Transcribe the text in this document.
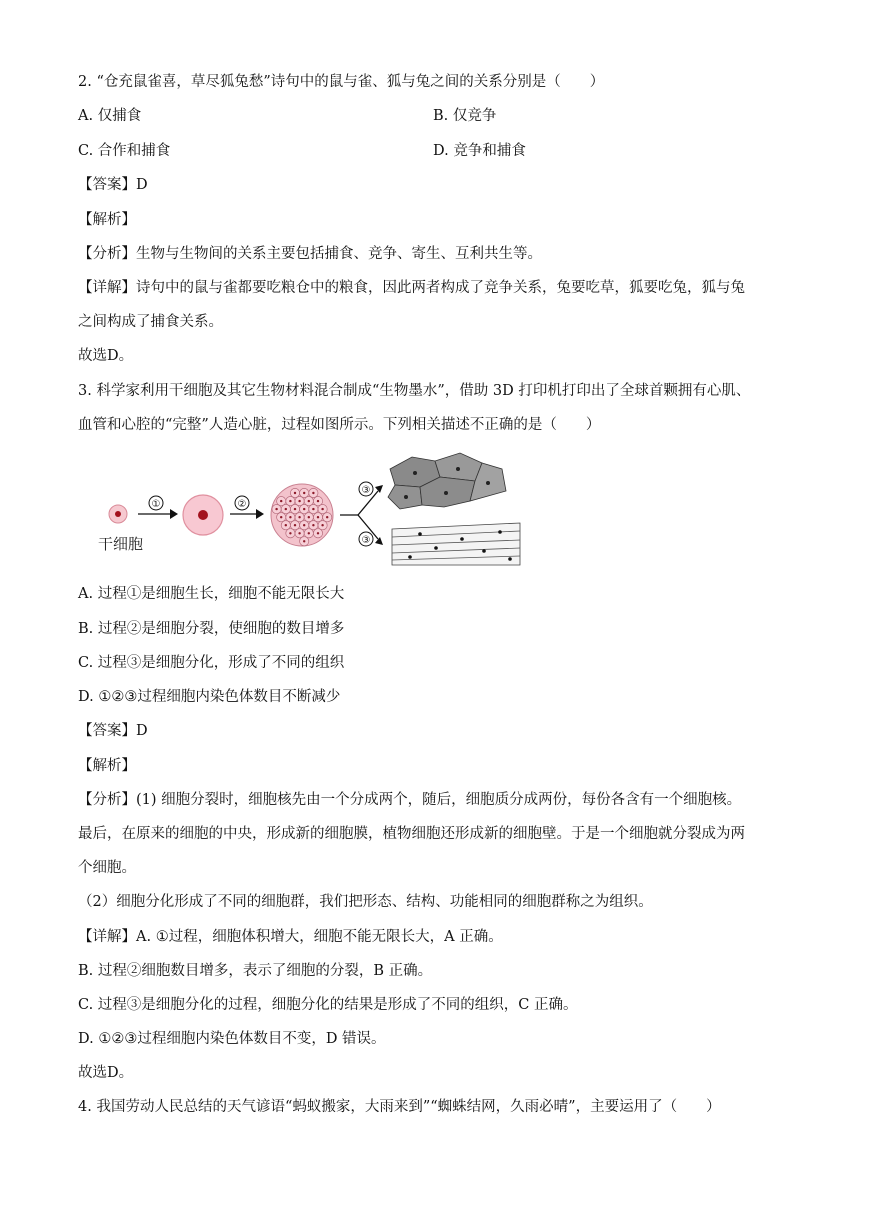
2. “仓充鼠雀喜，草尽狐兔愁”诗句中的鼠与雀、狐与兔之间的关系分别是（　　）
A. 仅捕食	B. 仅竞争
C. 合作和捕食	D. 竞争和捕食
【答案】D
【解析】
【分析】生物与生物间的关系主要包括捕食、竞争、寄生、互利共生等。
【详解】诗句中的鼠与雀都要吃粮仓中的粮食，因此两者构成了竞争关系，兔要吃草，狐要吃兔，狐与兔
之间构成了捕食关系。
故选D。
3. 科学家利用干细胞及其它生物材料混合制成“生物墨水”，借助 3D 打印机打印出了全球首颗拥有心肌、
血管和心腔的“完整”人造心脏，过程如图所示。下列相关描述不正确的是（　　）
干细胞
①	②
③
③
A. 过程①是细胞生长，细胞不能无限长大
B. 过程②是细胞分裂，使细胞的数目增多
C. 过程③是细胞分化，形成了不同的组织
D. ①②③过程细胞内染色体数目不断减少
【答案】D
【解析】
【分析】(1) 细胞分裂时，细胞核先由一个分成两个，随后，细胞质分成两份，每份各含有一个细胞核。
最后，在原来的细胞的中央，形成新的细胞膜，植物细胞还形成新的细胞壁。于是一个细胞就分裂成为两
个细胞。
（2）细胞分化形成了不同的细胞群，我们把形态、结构、功能相同的细胞群称之为组织。
【详解】A. ①过程，细胞体积增大，细胞不能无限长大，A 正确。
B. 过程②细胞数目增多，表示了细胞的分裂，B 正确。
C. 过程③是细胞分化的过程，细胞分化的结果是形成了不同的组织，C 正确。
D. ①②③过程细胞内染色体数目不变，D 错误。
故选D。
4. 我国劳动人民总结的天气谚语“蚂蚁搬家，大雨来到”“蜘蛛结网，久雨必晴”，主要运用了（　　）
